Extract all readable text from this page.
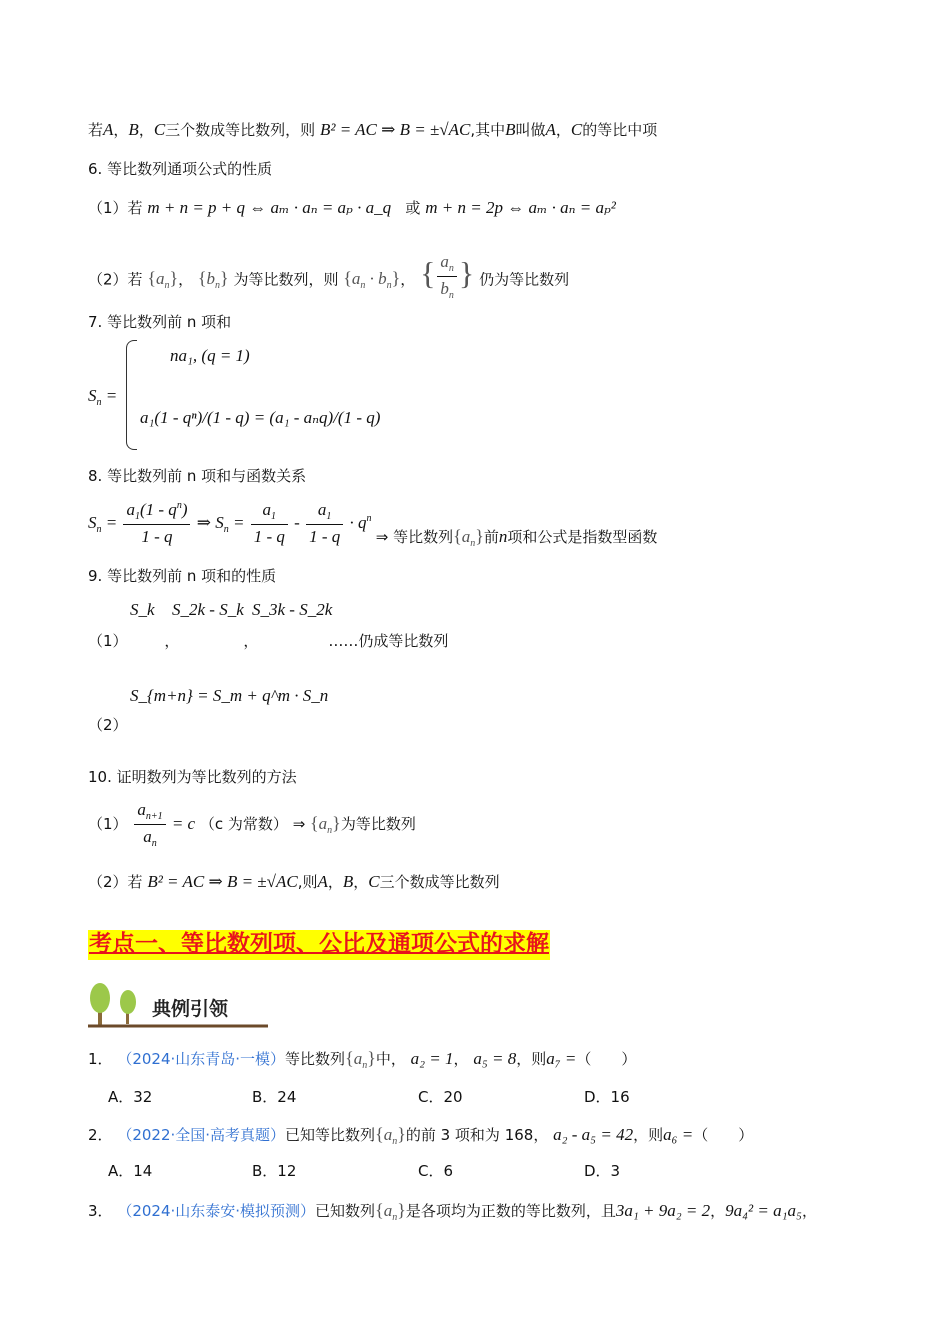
若A，B，C三个数成等比数列，则 B² = AC ⇒ B = ±√AC,其中B叫做A，C的等比中项
6. 等比数列通项公式的性质
（1）若 m + n = p + q ⇔ aₘ · aₙ = aₚ · a_q 或 m + n = 2p ⇔ aₘ · aₙ = aₚ²
（2）若 $\{a_n\}$， $\{b_n\}$ 为等比数列，则 $\{a_n \cdot b_n\}$， { $\frac{a_n}{b_n}$ } 仍为等比数列
7. 等比数列前 n 项和
$S_n$ =
na₁, (q = 1)
a₁(1 - qⁿ)/(1 - q) = (a₁ - aₙq)/(1 - q)
8. 等比数列前 n 项和与函数关系
$S_n = \frac{a_1(1 - q^n)}{1 - q}$ ⇒ $S_n = \frac{a_1}{1 - q} - \frac{a_1}{1 - q} \cdot q^n$ ⇒ 等比数列$\{a_n\}$前n项和公式是指数型函数
9. 等比数列前 n 项和的性质
S_k S_2k - S_k S_3k - S_2k
（1） ，	，	……仍成等比数列
S_{m+n} = S_m + q^m · S_n
（2）
10. 证明数列为等比数列的方法
$(1) \frac{a_{n+1}}{a_n} = c$ （c 为常数） ⇒ $\{a_n\}$为等比数列
（2）若 B² = AC ⇒ B = ±√AC,则A，B，C三个数成等比数列
考点一、等比数列项、公比及通项公式的求解
典例引领
1． （2024·山东青岛·一模）等比数列$\{a_n\}$中， a₂ = 1， a₅ = 8，则a₇ =（　　）
A．32	B．24	C．20	D．16
2． （2022·全国·高考真题）已知等比数列$\{a_n\}$的前 3 项和为 168， a₂ - a₅ = 42，则a₆ =（　　）
A．14	B．12	C．6	D．3
3． （2024·山东泰安·模拟预测）已知数列$\{a_n\}$是各项均为正数的等比数列，且3a₁ + 9a₂ = 2，9a₄² = a₁a₅，
